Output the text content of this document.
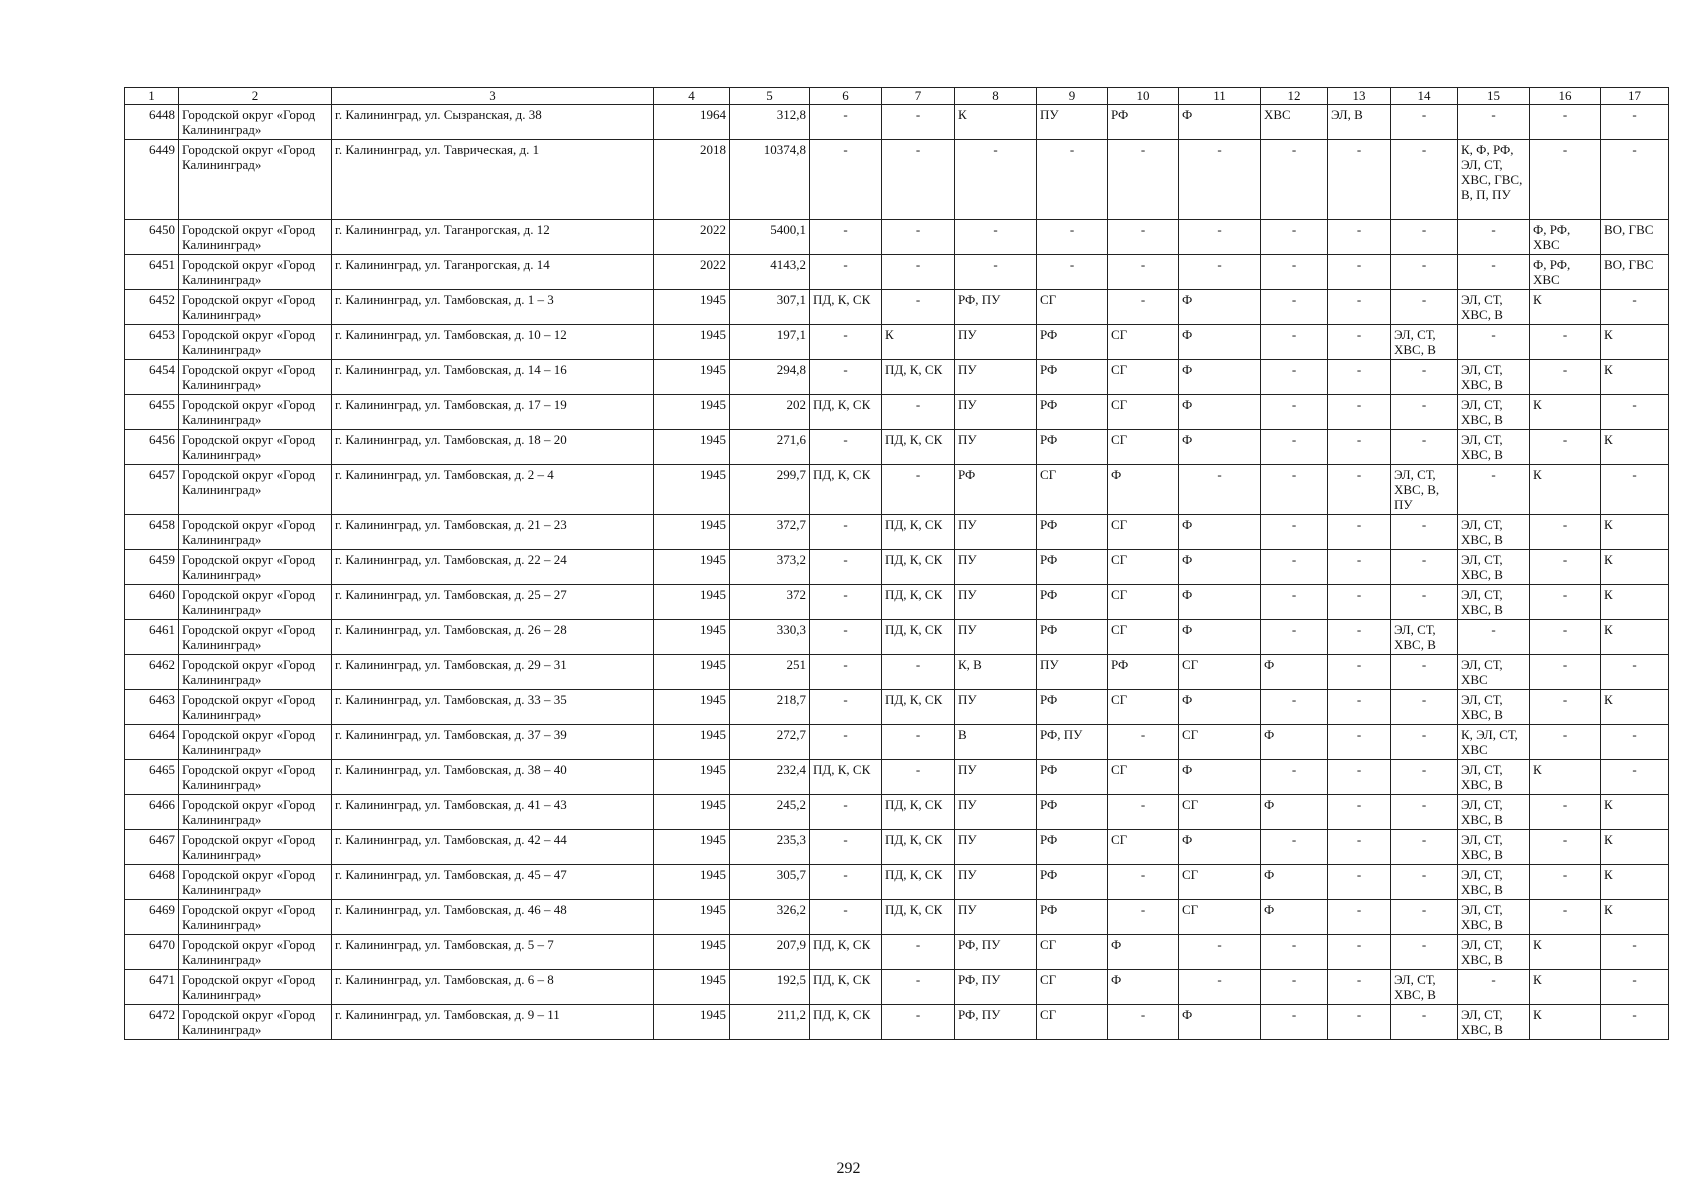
1	2	3	4	5	6	7	8	9	10	11	12	13	14	15	16	17
6448	Городской округ «Город Калининград»	г. Калининград, ул. Сызранская, д. 38	1964	312,8	-	-	К	ПУ	РФ	Ф	ХВС	ЭЛ, В	-	-	-	-
6449	Городской округ «Город Калининград»	г. Калининград, ул. Таврическая, д. 1	2018	10374,8	-	-	-	-	-	-	-	-	-	К, Ф, РФ, ЭЛ, СТ, ХВС, ГВС, В, П, ПУ	-	-
6450	Городской округ «Город Калининград»	г. Калининград, ул. Таганрогская, д. 12	2022	5400,1	-	-	-	-	-	-	-	-	-	-	Ф, РФ, ХВС	ВО, ГВС
6451	Городской округ «Город Калининград»	г. Калининград, ул. Таганрогская, д. 14	2022	4143,2	-	-	-	-	-	-	-	-	-	-	Ф, РФ, ХВС	ВО, ГВС
6452	Городской округ «Город Калининград»	г. Калининград, ул. Тамбовская, д. 1 – 3	1945	307,1	ПД, К, СК	-	РФ, ПУ	СГ	-	Ф	-	-	-	ЭЛ, СТ, ХВС, В	К	-
6453	Городской округ «Город Калининград»	г. Калининград, ул. Тамбовская, д. 10 – 12	1945	197,1	-	К	ПУ	РФ	СГ	Ф	-	-	ЭЛ, СТ, ХВС, В	-	-	К
6454	Городской округ «Город Калининград»	г. Калининград, ул. Тамбовская, д. 14 – 16	1945	294,8	-	ПД, К, СК	ПУ	РФ	СГ	Ф	-	-	-	ЭЛ, СТ, ХВС, В	-	К
6455	Городской округ «Город Калининград»	г. Калининград, ул. Тамбовская, д. 17 – 19	1945	202	ПД, К, СК	-	ПУ	РФ	СГ	Ф	-	-	-	ЭЛ, СТ, ХВС, В	К	-
6456	Городской округ «Город Калининград»	г. Калининград, ул. Тамбовская, д. 18 – 20	1945	271,6	-	ПД, К, СК	ПУ	РФ	СГ	Ф	-	-	-	ЭЛ, СТ, ХВС, В	-	К
6457	Городской округ «Город Калининград»	г. Калининград, ул. Тамбовская, д. 2 – 4	1945	299,7	ПД, К, СК	-	РФ	СГ	Ф	-	-	-	ЭЛ, СТ, ХВС, В, ПУ	-	К	-
6458	Городской округ «Город Калининград»	г. Калининград, ул. Тамбовская, д. 21 – 23	1945	372,7	-	ПД, К, СК	ПУ	РФ	СГ	Ф	-	-	-	ЭЛ, СТ, ХВС, В	-	К
6459	Городской округ «Город Калининград»	г. Калининград, ул. Тамбовская, д. 22 – 24	1945	373,2	-	ПД, К, СК	ПУ	РФ	СГ	Ф	-	-	-	ЭЛ, СТ, ХВС, В	-	К
6460	Городской округ «Город Калининград»	г. Калининград, ул. Тамбовская, д. 25 – 27	1945	372	-	ПД, К, СК	ПУ	РФ	СГ	Ф	-	-	-	ЭЛ, СТ, ХВС, В	-	К
6461	Городской округ «Город Калининград»	г. Калининград, ул. Тамбовская, д. 26 – 28	1945	330,3	-	ПД, К, СК	ПУ	РФ	СГ	Ф	-	-	ЭЛ, СТ, ХВС, В	-	-	К
6462	Городской округ «Город Калининград»	г. Калининград, ул. Тамбовская, д. 29 – 31	1945	251	-	-	К, В	ПУ	РФ	СГ	Ф	-	-	ЭЛ, СТ, ХВС	-	-
6463	Городской округ «Город Калининград»	г. Калининград, ул. Тамбовская, д. 33 – 35	1945	218,7	-	ПД, К, СК	ПУ	РФ	СГ	Ф	-	-	-	ЭЛ, СТ, ХВС, В	-	К
6464	Городской округ «Город Калининград»	г. Калининград, ул. Тамбовская, д. 37 – 39	1945	272,7	-	-	В	РФ, ПУ	-	СГ	Ф	-	-	К, ЭЛ, СТ, ХВС	-	-
6465	Городской округ «Город Калининград»	г. Калининград, ул. Тамбовская, д. 38 – 40	1945	232,4	ПД, К, СК	-	ПУ	РФ	СГ	Ф	-	-	-	ЭЛ, СТ, ХВС, В	К	-
6466	Городской округ «Город Калининград»	г. Калининград, ул. Тамбовская, д. 41 – 43	1945	245,2	-	ПД, К, СК	ПУ	РФ	-	СГ	Ф	-	-	ЭЛ, СТ, ХВС, В	-	К
6467	Городской округ «Город Калининград»	г. Калининград, ул. Тамбовская, д. 42 – 44	1945	235,3	-	ПД, К, СК	ПУ	РФ	СГ	Ф	-	-	-	ЭЛ, СТ, ХВС, В	-	К
6468	Городской округ «Город Калининград»	г. Калининград, ул. Тамбовская, д. 45 – 47	1945	305,7	-	ПД, К, СК	ПУ	РФ	-	СГ	Ф	-	-	ЭЛ, СТ, ХВС, В	-	К
6469	Городской округ «Город Калининград»	г. Калининград, ул. Тамбовская, д. 46 – 48	1945	326,2	-	ПД, К, СК	ПУ	РФ	-	СГ	Ф	-	-	ЭЛ, СТ, ХВС, В	-	К
6470	Городской округ «Город Калининград»	г. Калининград, ул. Тамбовская, д. 5 – 7	1945	207,9	ПД, К, СК	-	РФ, ПУ	СГ	Ф	-	-	-	-	ЭЛ, СТ, ХВС, В	К	-
6471	Городской округ «Город Калининград»	г. Калининград, ул. Тамбовская, д. 6 – 8	1945	192,5	ПД, К, СК	-	РФ, ПУ	СГ	Ф	-	-	-	ЭЛ, СТ, ХВС, В	-	К	-
6472	Городской округ «Город Калининград»	г. Калининград, ул. Тамбовская, д. 9 – 11	1945	211,2	ПД, К, СК	-	РФ, ПУ	СГ	-	Ф	-	-	-	ЭЛ, СТ, ХВС, В	К	-
292
